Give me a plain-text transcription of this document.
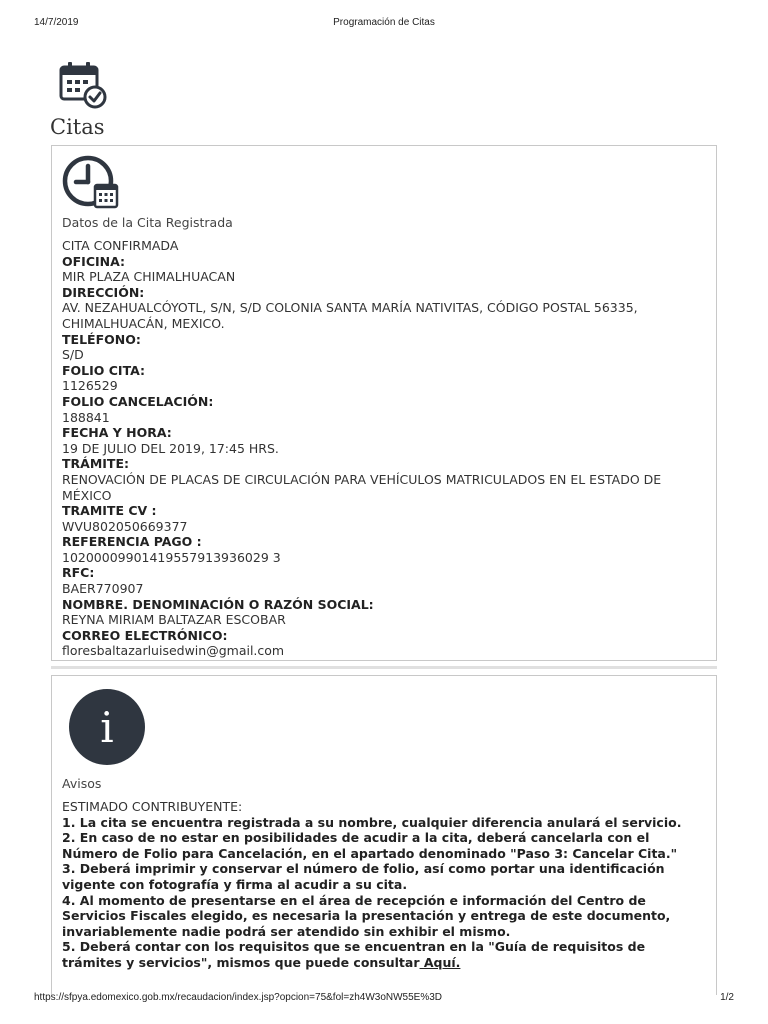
14/7/2019	Programación de Citas
Citas
Datos de la Cita Registrada
CITA CONFIRMADA
OFICINA:
MIR PLAZA CHIMALHUACAN
DIRECCIÓN:
AV. NEZAHUALCÓYOTL, S/N, S/D COLONIA SANTA MARÍA NATIVITAS, CÓDIGO POSTAL 56335, CHIMALHUACÁN, MEXICO.
TELÉFONO:
S/D
FOLIO CITA:
1126529
FOLIO CANCELACIÓN:
188841
FECHA Y HORA:
19 DE JULIO DEL 2019, 17:45 HRS.
TRÁMITE:
RENOVACIÓN DE PLACAS DE CIRCULACIÓN PARA VEHÍCULOS MATRICULADOS EN EL ESTADO DE MÉXICO
TRAMITE CV :
WVU802050669377
REFERENCIA PAGO :
10200009901419557913936029 3
RFC:
BAER770907
NOMBRE. DENOMINACIÓN O RAZÓN SOCIAL:
REYNA MIRIAM BALTAZAR ESCOBAR
CORREO ELECTRÓNICO:
floresbaltazarluisedwin@gmail.com
i
Avisos
ESTIMADO CONTRIBUYENTE:
1. La cita se encuentra registrada a su nombre, cualquier diferencia anulará el servicio.
2. En caso de no estar en posibilidades de acudir a la cita, deberá cancelarla con el Número de Folio para Cancelación, en el apartado denominado "Paso 3: Cancelar Cita."
3. Deberá imprimir y conservar el número de folio, así como portar una identificación vigente con fotografía y firma al acudir a su cita.
4. Al momento de presentarse en el área de recepción e información del Centro de Servicios Fiscales elegido, es necesaria la presentación y entrega de este documento, invariablemente nadie podrá ser atendido sin exhibir el mismo.
5. Deberá contar con los requisitos que se encuentran en la "Guía de requisitos de trámites y servicios", mismos que puede consultar Aquí.
https://sfpya.edomexico.gob.mx/recaudacion/index.jsp?opcion=75&fol=zh4W3oNW55E%3D	1/2
